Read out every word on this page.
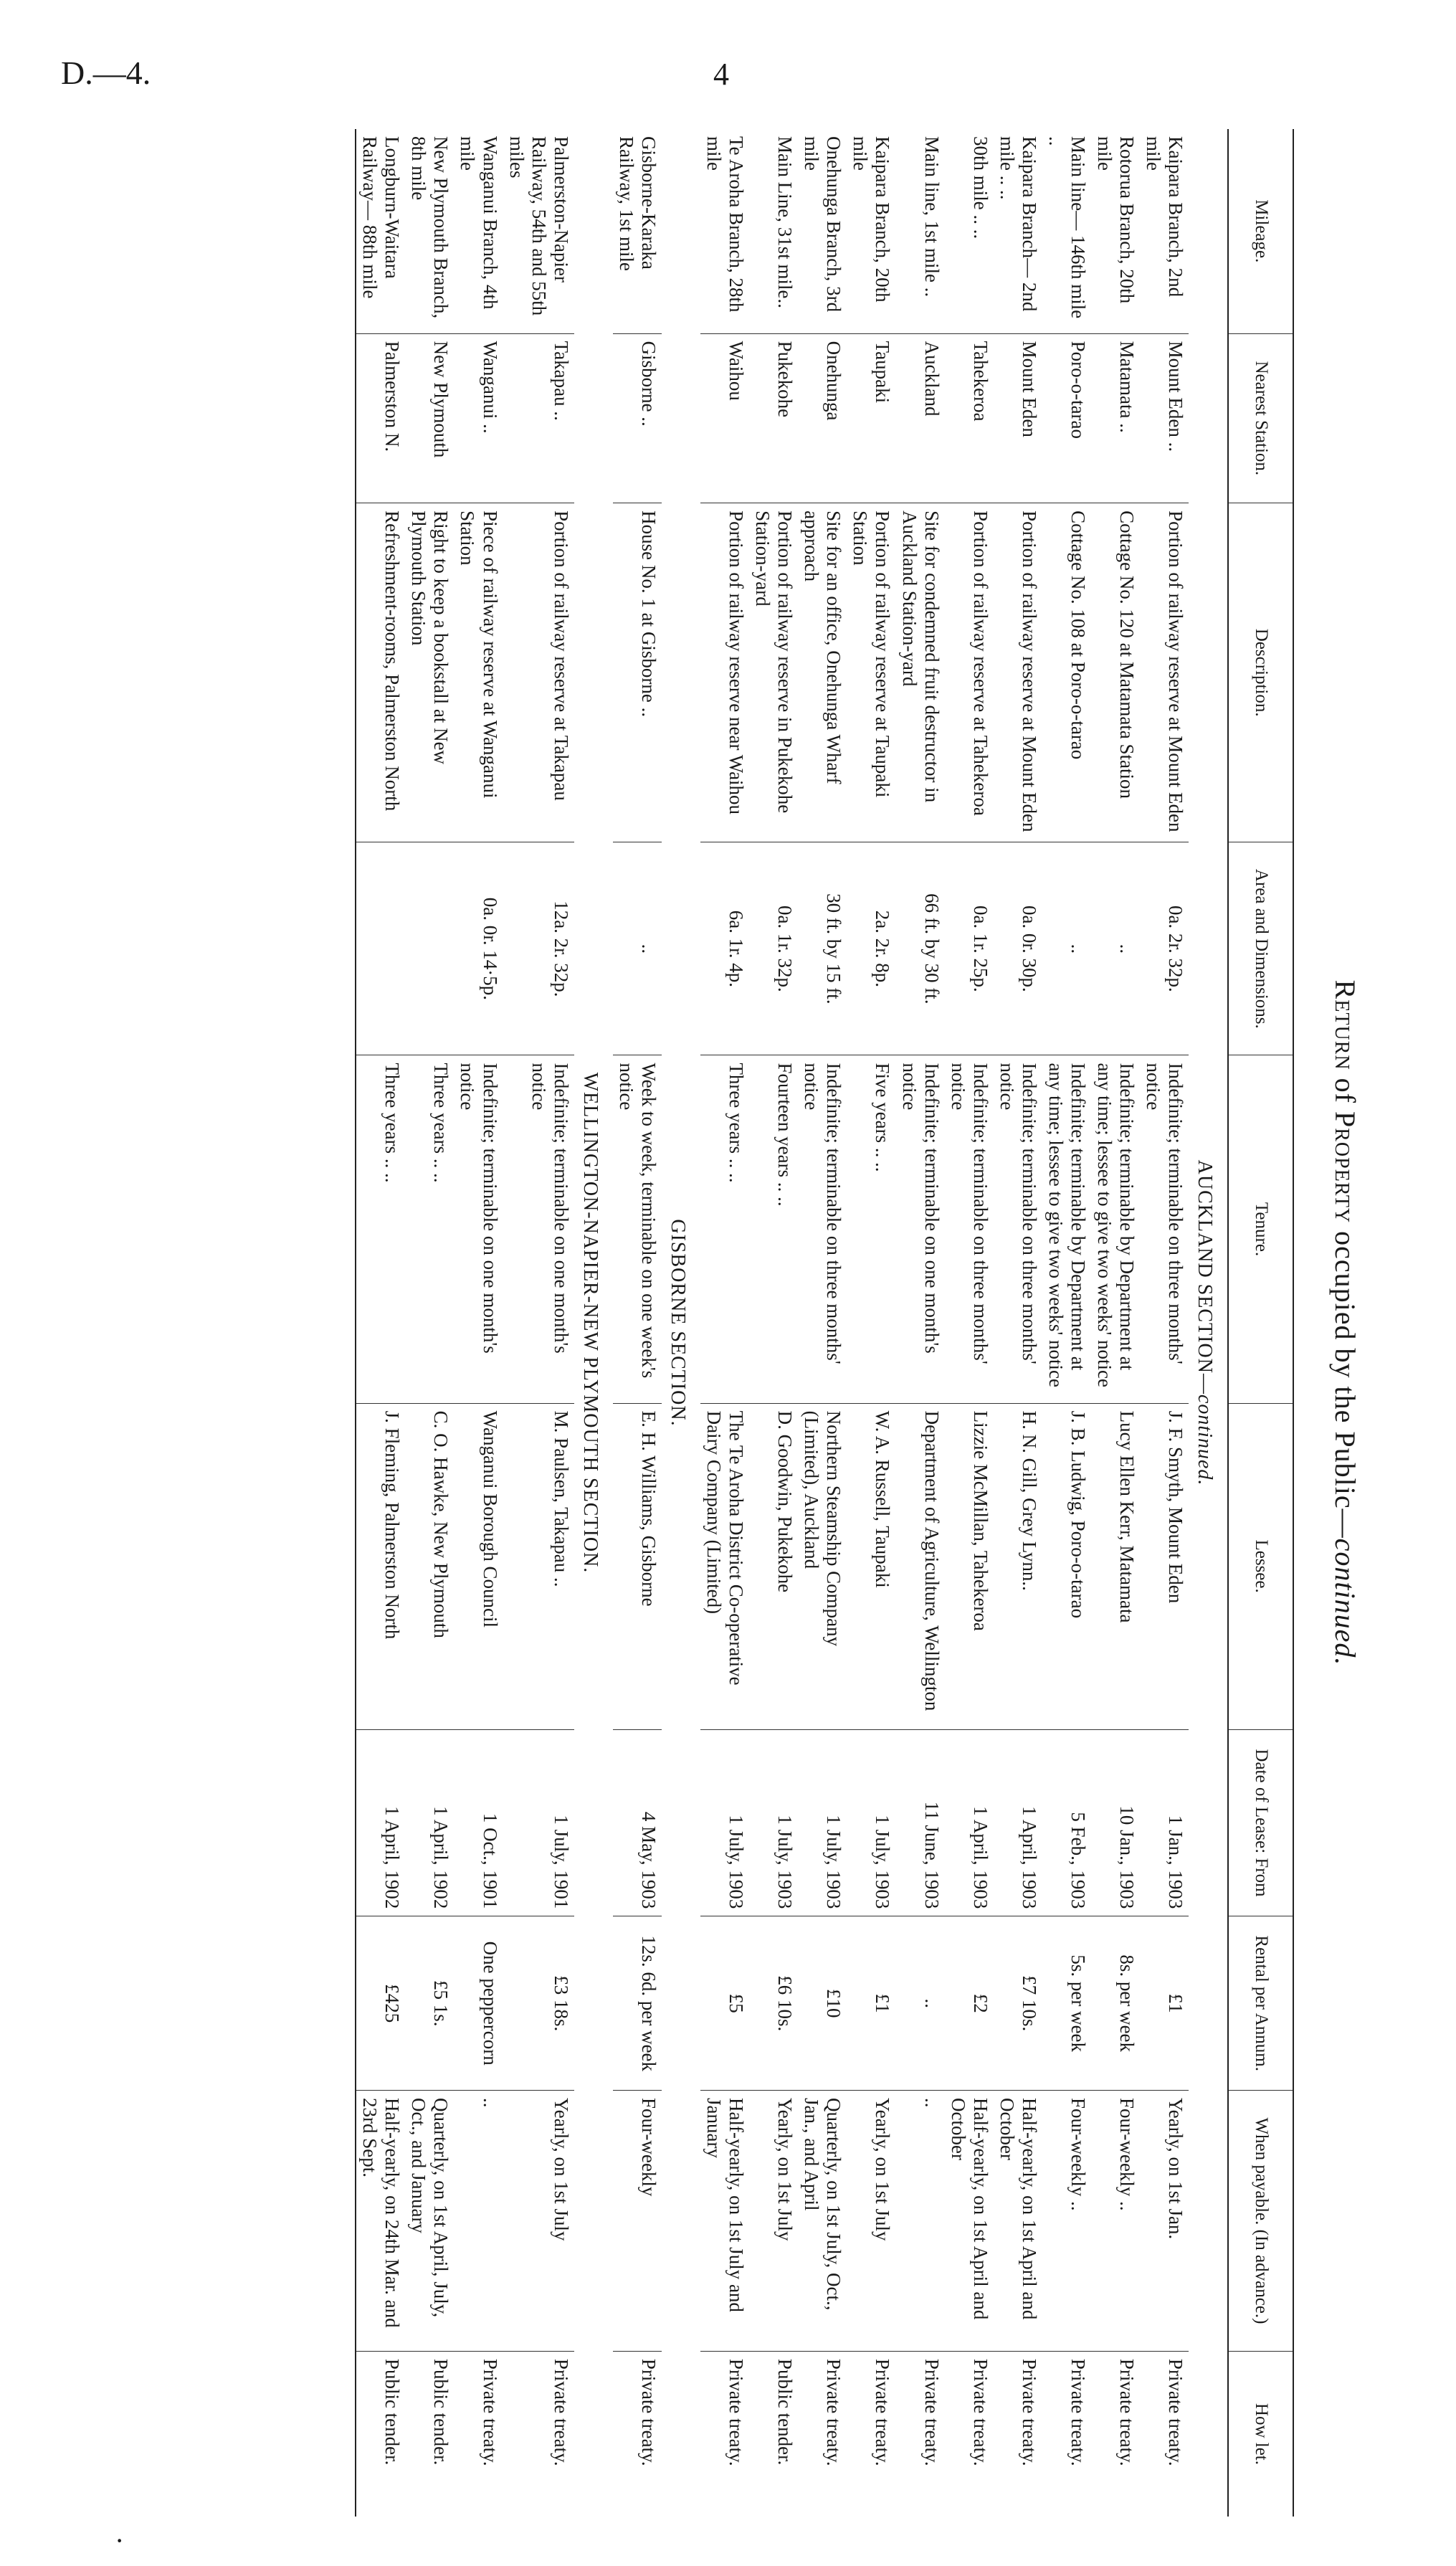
D.—4.	4
·
Return of Property occupied by the Public—continued.
Mileage.	Nearest Station.	Description.	Area and Dimensions.	Tenure.	Lessee.	Date of Lease: From	Rental per Annum.	When payable. (In advance.)	How let.
AUCKLAND SECTION—continued.									
Kaipara Branch, 2nd mile	Mount Eden ..	Portion of railway reserve at Mount Eden	0a. 2r. 32p.	Indefinite; terminable on three months' notice	J. F. Smyth, Mount Eden	1 Jan., 1903	£1	Yearly, on 1st Jan.	Private treaty.
Rotorua Branch, 20th mile	Matamata ..	Cottage No. 120 at Matamata Station	..	Indefinite; terminable by Department at any time; lessee to give two weeks' notice	Lucy Ellen Kerr, Matamata	10 Jan., 1903	8s. per week	Four-weekly ..	Private treaty.
Main line— 146th mile ..	Poro-o-tarao	Cottage No. 108 at Poro-o-tarao	..	Indefinite; terminable by Department at any time; lessee to give two weeks' notice	J. B. Ludwig, Poro-o-tarao	5 Feb., 1903	5s. per week	Four-weekly ..	Private treaty.
Kaipara Branch— 2nd mile .. ..	Mount Eden	Portion of railway reserve at Mount Eden	0a. 0r. 30p.	Indefinite; terminable on three months' notice	H. N. Gill, Grey Lynn..	1 April, 1903	£7 10s.	Half-yearly, on 1st April and October	Private treaty.
30th mile .. ..	Tahekeroa	Portion of railway reserve at Tahekeroa	0a. 1r. 25p.	Indefinite; terminable on three months' notice	Lizzie McMillan, Tahekeroa	1 April, 1903	£2	Half-yearly, on 1st April and October	Private treaty.
Main line, 1st mile ..	Auckland	Site for condemned fruit destructor in Auckland Station-yard	66 ft. by 30 ft.	Indefinite; terminable on one month's notice	Department of Agriculture, Wellington	11 June, 1903	..	..	Private treaty.
Kaipara Branch, 20th mile	Taupaki	Portion of railway reserve at Taupaki Station	2a. 2r. 8p.	Five years .. ..	W. A. Russell, Taupaki	1 July, 1903	£1	Yearly, on 1st July	Private treaty.
Onehunga Branch, 3rd mile	Onehunga	Site for an office, Onehunga Wharf approach	30 ft. by 15 ft.	Indefinite; terminable on three months' notice	Northern Steamship Company (Limited), Auckland	1 July, 1903	£10	Quarterly, on 1st July, Oct., Jan., and April	Private treaty.
Main Line, 31st mile..	Pukekohe	Portion of railway reserve in Pukekohe Station-yard	0a. 1r. 32p.	Fourteen years .. ..	D. Goodwin, Pukekohe	1 July, 1903	£6 10s.	Yearly, on 1st July	Public tender.
Te Aroha Branch, 28th mile	Waihou	Portion of railway reserve near Waihou	6a. 1r. 4p.	Three years .. ..	The Te Aroha District Co-operative Dairy Company (Limited)	1 July, 1903	£5	Half-yearly, on 1st July and January	Private treaty.
GISBORNE SECTION.									
Gisborne-Karaka Railway, 1st mile	Gisborne ..	House No. 1 at Gisborne ..	..	Week to week, terminable on one week's notice	E. H. Williams, Gisborne	4 May, 1903	12s. 6d. per week	Four-weekly	Private treaty.
WELLINGTON-NAPIER-NEW PLYMOUTH SECTION.									
Palmerston-Napier Railway, 54th and 55th miles	Takapau ..	Portion of railway reserve at Takapau	12a. 2r. 32p.	Indefinite; terminable on one month's notice	M. Paulsen, Takapau ..	1 July, 1901	£3 18s.	Yearly, on 1st July	Private treaty.
Wanganui Branch, 4th mile	Wanganui ..	Piece of railway reserve at Wanganui Station	0a. 0r. 14·5p.	Indefinite; terminable on one month's notice	Wanganui Borough Council	1 Oct., 1901	One peppercorn	..	Private treaty.
New Plymouth Branch, 8th mile	New Plymouth	Right to keep a bookstall at New Plymouth Station		Three years .. ..	C. O. Hawke, New Plymouth	1 April, 1902	£5 1s.	Quarterly, on 1st April, July, Oct., and January	Public tender.
Longburn-Waitara Railway— 88th mile	Palmerston N.	Refreshment-rooms, Palmerston North		Three years .. ..	J. Fleming, Palmerston North	1 April, 1902	£425	Half-yearly, on 24th Mar. and 23rd Sept.	Public tender.
